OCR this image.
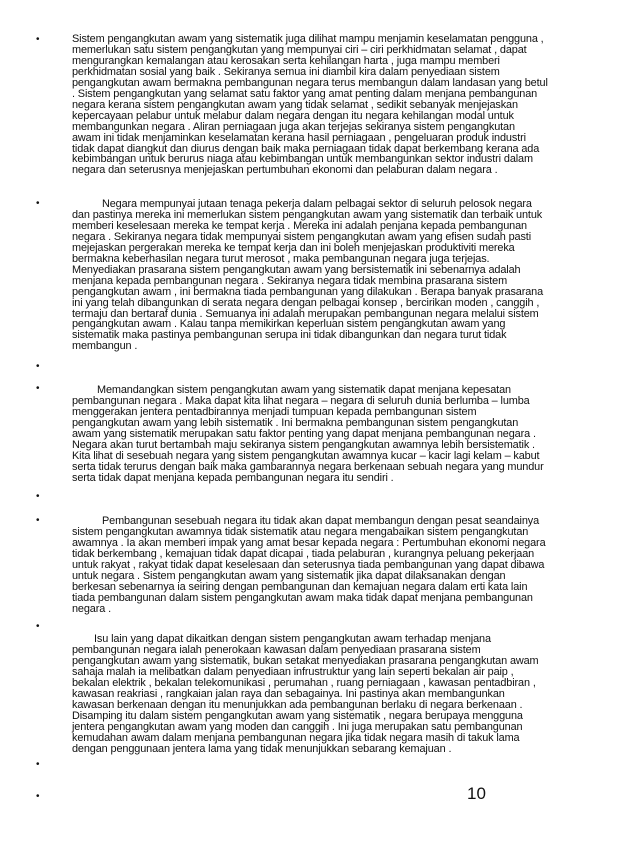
•	Sistem pengangkutan awam yang sistematik juga dilihat mampu menjamin keselamatan pengguna ,
memerlukan satu sistem pengangkutan yang mempunyai ciri – ciri perkhidmatan selamat , dapat
mengurangkan kemalangan atau kerosakan serta kehilangan harta , juga mampu memberi
perkhidmatan sosial yang baik . Sekiranya semua ini diambil kira dalam penyediaan sistem
pengangkutan awam bermakna pembangunan negara terus membangun dalam landasan yang betul
. Sistem pengangkutan yang selamat satu faktor yang amat penting dalam menjana pembangunan
negara kerana sistem pengangkutan awam yang tidak selamat , sedikit sebanyak menjejaskan
kepercayaan pelabur untuk melabur dalam negara dengan itu negara kehilangan modal untuk
membangunkan negara . Aliran perniagaan juga akan terjejas sekiranya sistem pengangkutan
awam ini tidak menjaminkan keselamatan kerana hasil perniagaan , pengeluaran produk industri
tidak dapat diangkut dan diurus dengan baik maka perniagaan tidak dapat berkembang kerana ada
kebimbangan untuk berurus niaga atau kebimbangan untuk membangunkan sektor industri dalam
negara dan seterusnya menjejaskan pertumbuhan ekonomi dan pelaburan dalam negara .
•	Negara mempunyai jutaan tenaga pekerja dalam pelbagai sektor di seluruh pelosok negara
dan pastinya mereka ini memerlukan sistem pengangkutan awam yang sistematik dan terbaik untuk
memberi keselesaan mereka ke tempat kerja . Mereka ini adalah penjana kepada pembangunan
negara . Sekiranya negara tidak mempunyai sistem pengangkutan awam yang efisen sudah pasti
mejejaskan pergerakan mereka ke tempat kerja dan ini boleh menjejaskan produktiviti mereka
bermakna keberhasilan negara turut merosot , maka pembangunan negara juga terjejas.
Menyediakan prasarana sistem pengangkutan awam yang bersistematik ini sebenarnya adalah
menjana kepada pembangunan negara . Sekiranya negara tidak membina prasarana sistem
pengangkutan awam , ini bermakna tiada pembangunan yang dilakukan . Berapa banyak prasarana
ini yang telah dibangunkan di serata negara dengan pelbagai konsep , bercirikan moden , canggih ,
termaju dan bertaraf dunia . Semuanya ini adalah merupakan pembangunan negara melalui sistem
pengangkutan awam . Kalau tanpa memikirkan keperluan sistem pengangkutan awam yang
sistematik maka pastinya pembangunan serupa ini tidak dibangunkan dan negara turut tidak
membangun .
•
•	Memandangkan sistem pengangkutan awam yang sistematik dapat menjana kepesatan
pembangunan negara . Maka dapat kita lihat negara – negara di seluruh dunia berlumba – lumba
menggerakan jentera pentadbirannya menjadi tumpuan kepada pembangunan sistem
pengangkutan awam yang lebih sistematik . Ini bermakna pembangunan sistem pengangkutan
awam yang sistematik merupakan satu faktor penting yang dapat menjana pembangunan negara .
Negara akan turut bertambah maju sekiranya sistem pengangkutan awamnya lebih bersistematik .
Kita lihat di sesebuah negara yang sistem pengangkutan awamnya kucar – kacir lagi kelam – kabut
serta tidak terurus dengan baik maka gambarannya negara berkenaan sebuah negara yang mundur
serta tidak dapat menjana kepada pembangunan negara itu sendiri .
•
•	Pembangunan sesebuah negara itu tidak akan dapat membangun dengan pesat seandainya
sistem pengangkutan awamnya tidak sistematik atau negara mengabaikan sistem pengangkutan
awamnya . Ia akan memberi impak yang amat besar kepada negara : Pertumbuhan ekonomi negara
tidak berkembang , kemajuan tidak dapat dicapai , tiada pelaburan , kurangnya peluang pekerjaan
untuk rakyat , rakyat tidak dapat keselesaan dan seterusnya tiada pembangunan yang dapat dibawa
untuk negara . Sistem pengangkutan awam yang sistematik jika dapat dilaksanakan dengan
berkesan sebenarnya ia seiring dengan pembangunan dan kemajuan negara dalam erti kata lain
tiada pembangunan dalam sistem pengangkutan awam maka tidak dapat menjana pembangunan
negara .
•
Isu lain yang dapat dikaitkan dengan sistem pengangkutan awam terhadap menjana
pembangunan negara ialah penerokaan kawasan dalam penyediaan prasarana sistem
pengangkutan awam yang sistematik, bukan setakat menyediakan prasarana pengangkutan awam
sahaja malah ia melibatkan dalam penyediaan infrustruktur yang lain seperti bekalan air paip ,
bekalan elektrik , bekalan telekomunikasi , perumahan , ruang perniagaan , kawasan pentadbiran ,
kawasan reakriasi , rangkaian jalan raya dan sebagainya. Ini pastinya akan membangunkan
kawasan berkenaan dengan itu menunjukkan ada pembangunan berlaku di negara berkenaan .
Disamping itu dalam sistem pengangkutan awam yang sistematik , negara berupaya mengguna
jentera pengangkutan awam yang moden dan canggih . Ini juga merupakan satu pembangunan
kemudahan awam dalam menjana pembangunan negara jika tidak negara masih di takuk lama
dengan penggunaan jentera lama yang tidak menunjukkan sebarang kemajuan .
•
•	10
